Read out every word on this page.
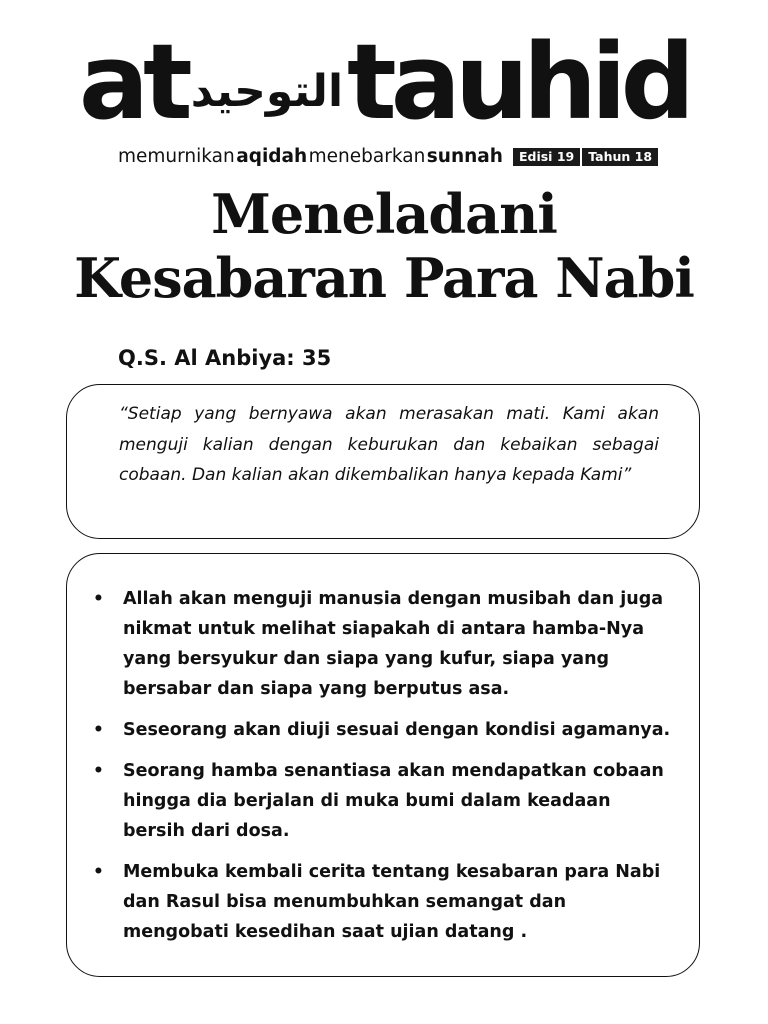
at التوحيد tauhid
memurnikan aqidah menebarkan sunnah	Edisi 19	Tahun 18
Meneladani
Kesabaran Para Nabi
Q.S. Al Anbiya: 35
“Setiap yang bernyawa akan merasakan mati. Kami akan menguji kalian dengan keburukan dan kebaikan sebagai cobaan. Dan kalian akan dikembalikan hanya kepada Kami”
• Allah akan menguji manusia dengan musibah dan juga nikmat untuk melihat siapakah di antara hamba-Nya yang bersyukur dan siapa yang kufur, siapa yang bersabar dan siapa yang berputus asa.
• Seseorang akan diuji sesuai dengan kondisi agamanya.
• Seorang hamba senantiasa akan mendapatkan cobaan hingga dia berjalan di muka bumi dalam keadaan bersih dari dosa.
• Membuka kembali cerita tentang kesabaran para Nabi dan Rasul bisa menumbuhkan semangat dan mengobati kesedihan saat ujian datang .
